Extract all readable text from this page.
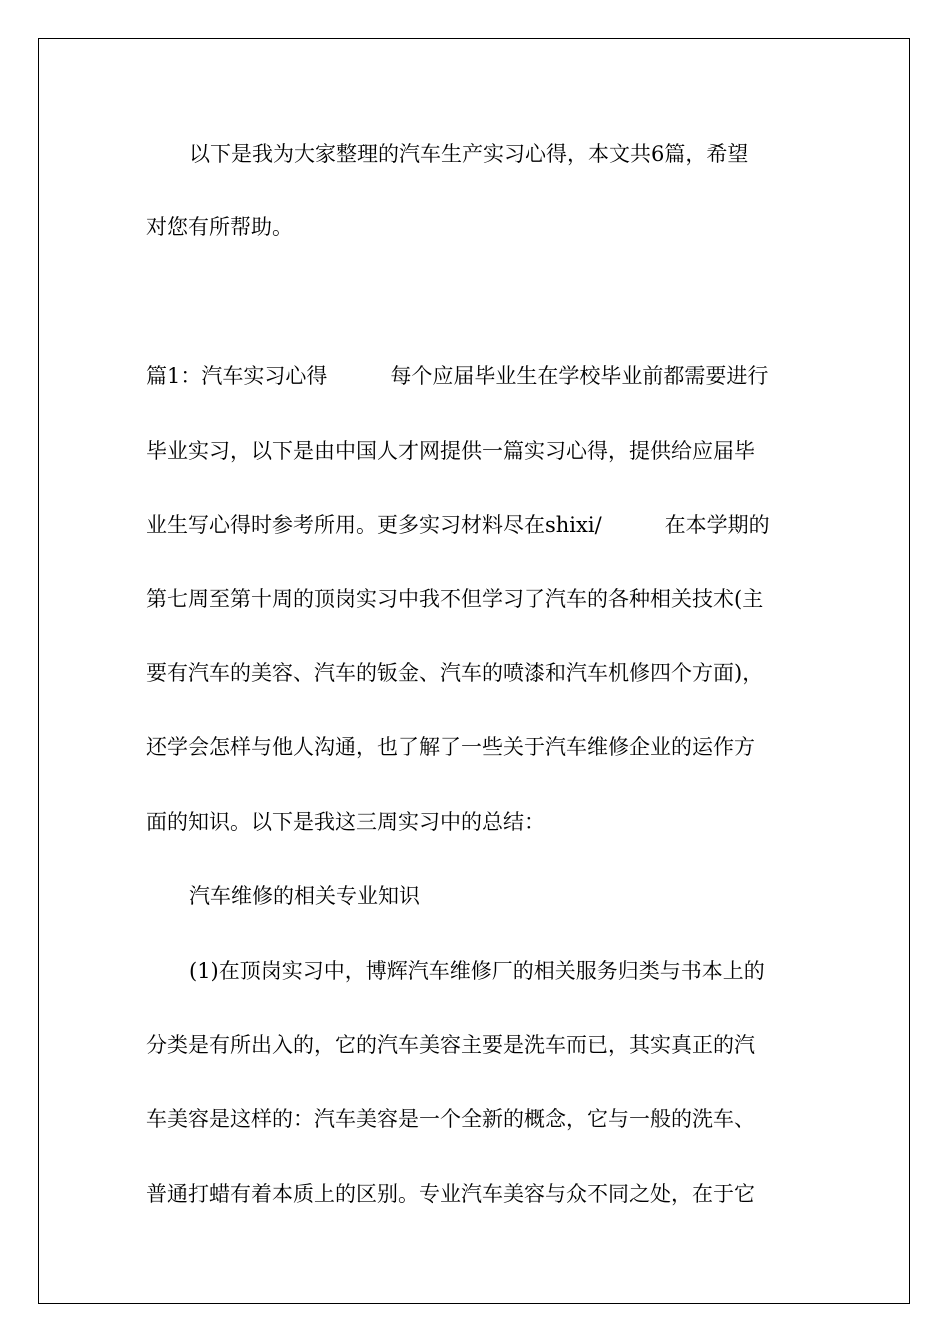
以下是我为大家整理的汽车生产实习心得，本文共6篇，希望

对您有所帮助。

篇1：汽车实习心得　　　每个应届毕业生在学校毕业前都需要进行

毕业实习，以下是由中国人才网提供一篇实习心得，提供给应届毕

业生写心得时参考所用。更多实习材料尽在shixi/　　　在本学期的

第七周至第十周的顶岗实习中我不但学习了汽车的各种相关技术(主

要有汽车的美容、汽车的钣金、汽车的喷漆和汽车机修四个方面)，

还学会怎样与他人沟通，也了解了一些关于汽车维修企业的运作方

面的知识。以下是我这三周实习中的总结：

汽车维修的相关专业知识

(1)在顶岗实习中，博辉汽车维修厂的相关服务归类与书本上的

分类是有所出入的，它的汽车美容主要是洗车而已，其实真正的汽

车美容是这样的：汽车美容是一个全新的概念，它与一般的洗车、

普通打蜡有着本质上的区别。专业汽车美容与众不同之处，在于它
